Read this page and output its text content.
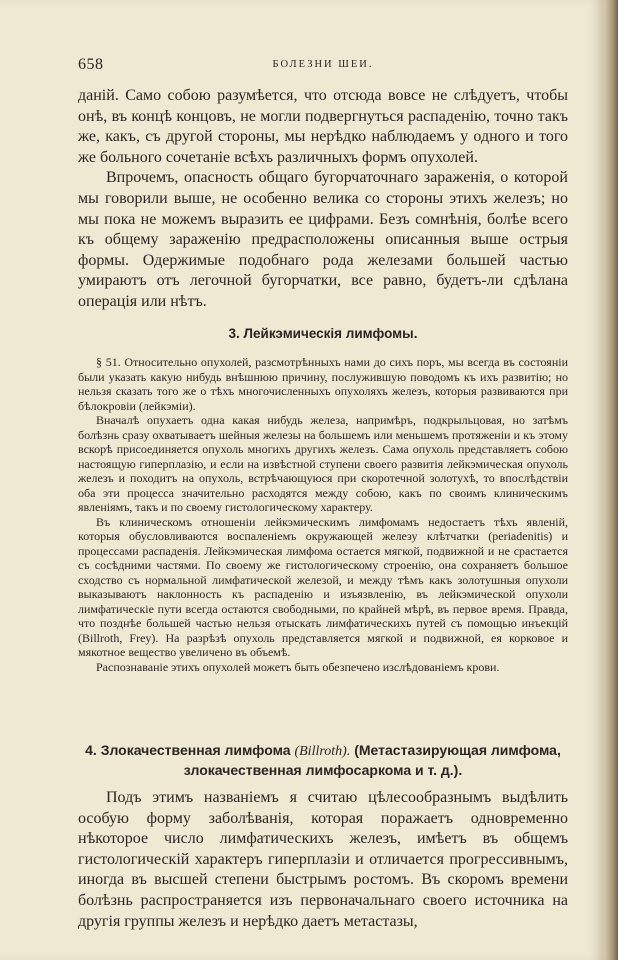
658	БОЛЕЗНИ ШЕИ.

даній. Само собою разумѣется, что отсюда вовсе не слѣдуетъ, чтобы онѣ, въ концѣ концовъ, не могли подвергнуться распаденію, точно такъ же, какъ, съ другой стороны, мы нерѣдко наблюдаемъ у одного и того же больного сочетаніе всѣхъ различныхъ формъ опухолей.

Впрочемъ, опасность общаго бугорчаточнаго зараженія, о которой мы говорили выше, не особенно велика со стороны этихъ железъ; но мы пока не можемъ выразить ее цифрами. Безъ сомнѣнія, болѣе всего къ общему зараженію предрасположены описанныя выше острыя формы. Одержимые подобнаго рода железами большей частью умираютъ отъ легочной бугорчатки, все равно, будетъ-ли сдѣлана операція или нѣтъ.

3. Лейкэмическія лимфомы.

§ 51. Относительно опухолей, разсмотрѣнныхъ нами до сихъ поръ, мы всегда въ состояніи были указать какую нибудь внѣшнюю причину, послужившую поводомъ къ ихъ развитію; но нельзя сказать того же о тѣхъ многочисленныхъ опухоляхъ железъ, которыя развиваются при бѣлокровіи (лейкэміи).

Вначалѣ опухаетъ одна какая нибудь железа, напримѣръ, подкрыльцовая, но затѣмъ болѣзнь сразу охватываетъ шейныя железы на большемъ или меньшемъ протяженіи и къ этому вскорѣ присоединяется опухоль многихъ другихъ железъ. Сама опухоль представляетъ собою настоящую гиперплазію, и если на извѣстной ступени своего развитія лейкэмическая опухоль железъ и походитъ на опухоль, встрѣчающуюся при скоротечной золотухѣ, то впослѣдствіи оба эти процесса значительно расходятся между собою, какъ по своимъ клиническимъ явленіямъ, такъ и по своему гистологическому характеру.

Въ клиническомъ отношеніи лейкэмическимъ лимфомамъ недостаетъ тѣхъ явленій, которыя обусловливаются воспаленіемъ окружающей железу клѣтчатки (periadenitis) и процессами распаденія. Лейкэмическая лимфома остается мягкой, подвижной и не срастается съ сосѣдними частями. По своему же гистологическому строенію, она сохраняетъ большое сходство съ нормальной лимфатической железой, и между тѣмъ какъ золотушныя опухоли выказываютъ наклонность къ распаденію и изъязвленію, въ лейкэмической опухоли лимфатическіе пути всегда остаются свободными, по крайней мѣрѣ, въ первое время. Правда, что позднѣе большей частью нельзя отыскать лимфатическихъ путей съ помощью инъекцій (Billroth, Frey). На разрѣзѣ опухоль представляется мягкой и подвижной, ея корковое и мякотное вещество увеличено въ объемѣ.

Распознаваніе этихъ опухолей можетъ быть обезпечено изслѣдованіемъ крови.

4. Злокачественная лимфома (Billroth). (Метастазирующая лимфома, злокачественная лимфосаркома и т. д.).

Подъ этимъ названіемъ я считаю цѣлесообразнымъ выдѣлить особую форму заболѣванія, которая поражаетъ одновременно нѣкоторое число лимфатическихъ железъ, имѣетъ въ общемъ гистологическій характеръ гиперплазіи и отличается прогрессивнымъ, иногда въ высшей степени быстрымъ ростомъ. Въ скоромъ времени болѣзнь распространяется изъ первоначальнаго своего источника на другія группы железъ и нерѣдко даетъ метастазы,
